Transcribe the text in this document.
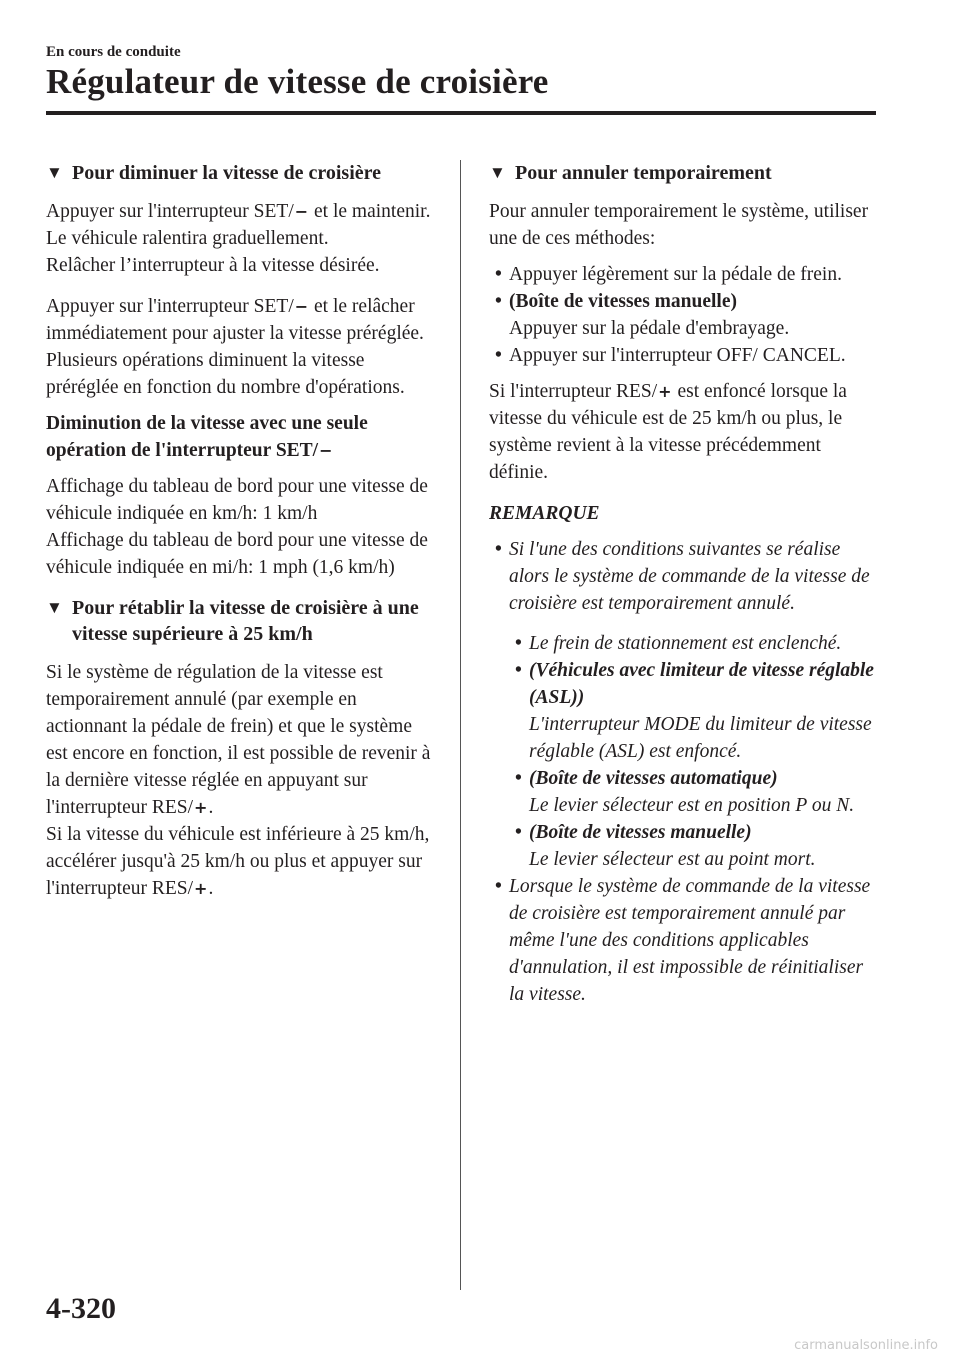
En cours de conduite
Régulateur de vitesse de croisière
▼ Pour diminuer la vitesse de croisière

Appuyer sur l'interrupteur SET/− et le maintenir. Le véhicule ralentira graduellement.

Relâcher l’interrupteur à la vitesse désirée.

Appuyer sur l'interrupteur SET/− et le relâcher immédiatement pour ajuster la vitesse préréglée. Plusieurs opérations diminuent la vitesse préréglée en fonction du nombre d'opérations.

Diminution de la vitesse avec une seule opération de l'interrupteur SET/−

Affichage du tableau de bord pour une vitesse de véhicule indiquée en km/h: 1 km/h

Affichage du tableau de bord pour une vitesse de véhicule indiquée en mi/h: 1 mph (1,6 km/h)

▼ Pour rétablir la vitesse de croisière à une vitesse supérieure à 25 km/h

Si le système de régulation de la vitesse est temporairement annulé (par exemple en actionnant la pédale de frein) et que le système est encore en fonction, il est possible de revenir à la dernière vitesse réglée en appuyant sur l'interrupteur RES/+.

Si la vitesse du véhicule est inférieure à 25 km/h, accélérer jusqu'à 25 km/h ou plus et appuyer sur l'interrupteur RES/+.

▼ Pour annuler temporairement

Pour annuler temporairement le système, utiliser une de ces méthodes:

• Appuyer légèrement sur la pédale de frein.
• (Boîte de vitesses manuelle)
Appuyer sur la pédale d'embrayage.
• Appuyer sur l'interrupteur OFF/ CANCEL.

Si l'interrupteur RES/+ est enfoncé lorsque la vitesse du véhicule est de 25 km/h ou plus, le système revient à la vitesse précédemment définie.

REMARQUE

• Si l'une des conditions suivantes se réalise alors le système de commande de la vitesse de croisière est temporairement annulé.
• Le frein de stationnement est enclenché.
• (Véhicules avec limiteur de vitesse réglable (ASL))
L'interrupteur MODE du limiteur de vitesse réglable (ASL) est enfoncé.
• (Boîte de vitesses automatique)
Le levier sélecteur est en position P ou N.
• (Boîte de vitesses manuelle)
Le levier sélecteur est au point mort.
• Lorsque le système de commande de la vitesse de croisière est temporairement annulé par même l'une des conditions applicables d'annulation, il est impossible de réinitialiser la vitesse.
4-320
carmanualsonline.info
